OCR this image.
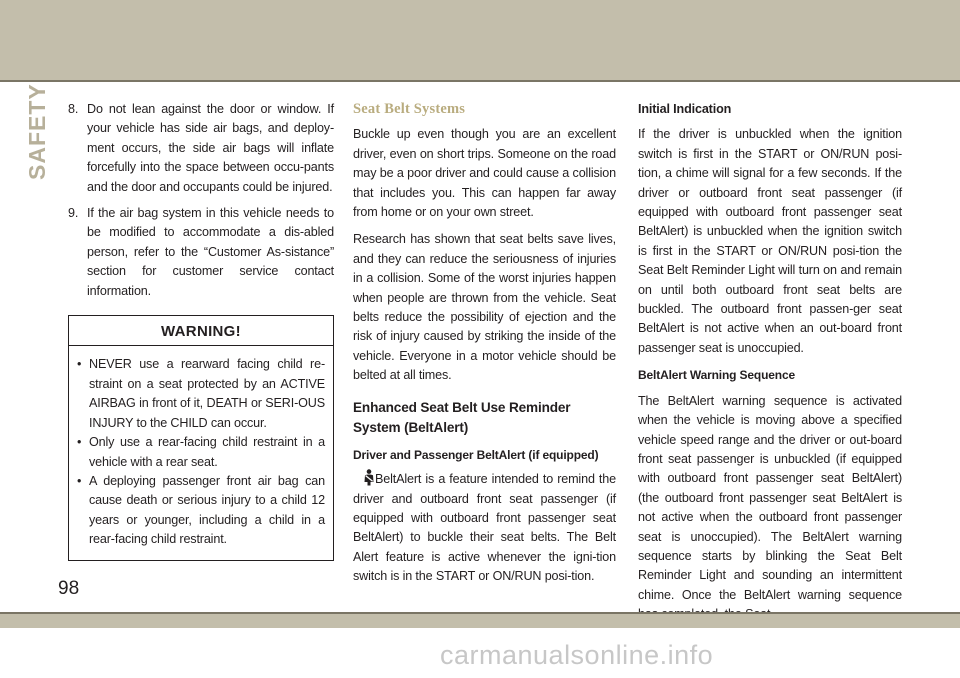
SAFETY 8. Do not lean against the door or window. If your vehicle has side air bags, and deploy-ment occurs, the side air bags will inflate forcefully into the space between occu-pants and the door and occupants could be injured.
9. If the air bag system in this vehicle needs to be modified to accommodate a dis-abled person, refer to the “Customer As-sistance” section for customer service contact information.
WARNING!
• NEVER use a rearward facing child re-straint on a seat protected by an ACTIVE AIRBAG in front of it, DEATH or SERI-OUS INJURY to the CHILD can occur.
• Only use a rear-facing child restraint in a vehicle with a rear seat.
• A deploying passenger front air bag can cause death or serious injury to a child 12 years or younger, including a child in a rear-facing child restraint.
Seat Belt Systems

Buckle up even though you are an excellent driver, even on short trips. Someone on the road may be a poor driver and could cause a collision that includes you. This can happen far away from home or on your own street.

Research has shown that seat belts save lives, and they can reduce the seriousness of injuries in a collision. Some of the worst injuries happen when people are thrown from the vehicle. Seat belts reduce the possibility of ejection and the risk of injury caused by striking the inside of the vehicle. Everyone in a motor vehicle should be belted at all times.

Enhanced Seat Belt Use Reminder System (BeltAlert)
Driver and Passenger BeltAlert (if equipped)

BeltAlert is a feature intended to remind the driver and outboard front seat passenger (if equipped with outboard front passenger seat BeltAlert) to buckle their seat belts. The Belt Alert feature is active whenever the igni-tion switch is in the START or ON/RUN posi-tion.

Initial Indication

If the driver is unbuckled when the ignition switch is first in the START or ON/RUN posi-tion, a chime will signal for a few seconds. If the driver or outboard front seat passenger (if equipped with outboard front passenger seat BeltAlert) is unbuckled when the ignition switch is first in the START or ON/RUN posi-tion the Seat Belt Reminder Light will turn on and remain on until both outboard front seat belts are buckled. The outboard front passen-ger seat BeltAlert is not active when an out-board front passenger seat is unoccupied.

BeltAlert Warning Sequence

The BeltAlert warning sequence is activated when the vehicle is moving above a specified vehicle speed range and the driver or out-board front seat passenger is unbuckled (if equipped with outboard front passenger seat BeltAlert) (the outboard front passenger seat BeltAlert is not active when the outboard front passenger seat is unoccupied). The BeltAlert warning sequence starts by blinking the Seat Belt Reminder Light and sounding an intermittent chime. Once the BeltAlert warning sequence

98
carmanualsonline.info
